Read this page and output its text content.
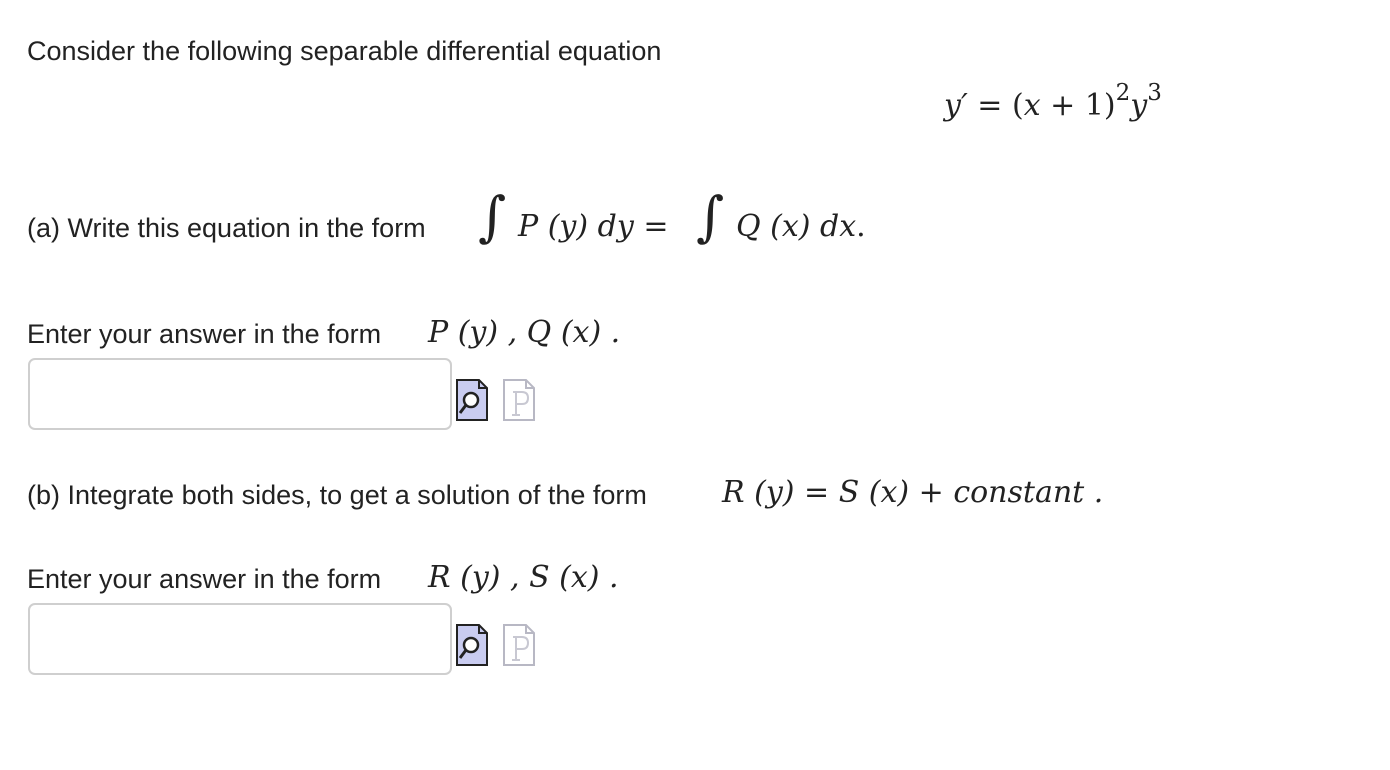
Consider the following separable differential equation
$y' = (x + 1)^2y^3$
(a) Write this equation in the form ∫ P (y) dy = ∫ Q (x) dx.
Enter your answer in the form P (y) , Q (x) .
(b) Integrate both sides, to get a solution of the form	R (y) = S (x) + constant .
Enter your answer in the form R (y) , S (x) .
